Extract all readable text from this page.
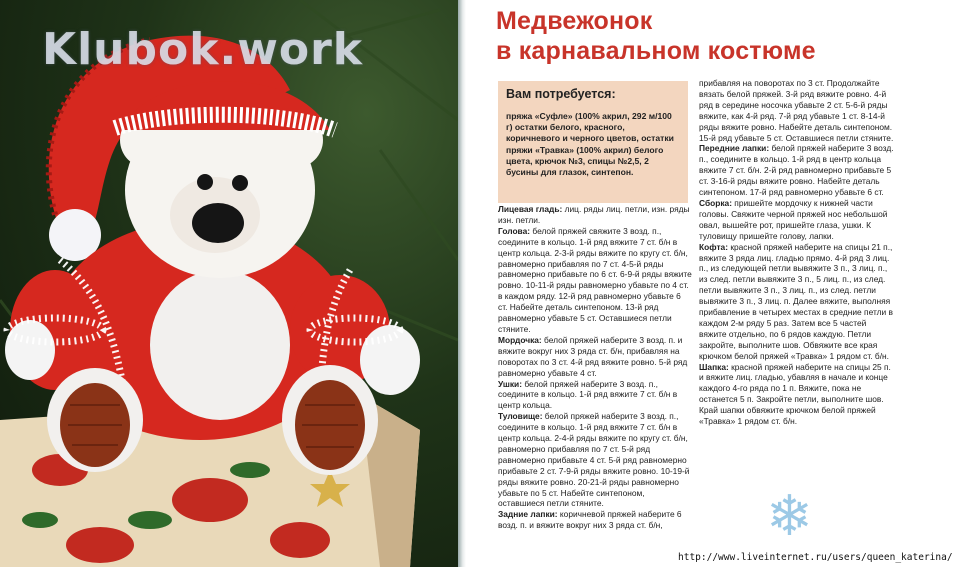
Klubok.work
Медвежонок
в карнавальном костюме
Вам потребуется:
пряжа «Суфле» (100% акрил, 292 м/100 г) остатки белого, красного, коричневого и черного цветов, остатки пряжи «Травка» (100% акрил) белого цвета, крючок №3, спицы №2,5, 2 бусины для глазок, синтепон.

Лицевая гладь: лиц. ряды лиц. петли, изн. ряды изн. петли.

Голова: белой пряжей свяжите 3 возд. п., соедините в кольцо. 1-й ряд вяжите 7 ст. б/н в центр кольца. 2-3-й ряды вяжите по кругу ст. б/н, равномерно прибавляя по 7 ст. 4-5-й ряды равномерно прибавьте по 6 ст. 6-9-й ряды вяжите ровно. 10-11-й ряды равномерно убавьте по 4 ст. в каждом ряду. 12-й ряд равномерно убавьте 6 ст. Набейте деталь синтепоном. 13-й ряд равномерно убавьте 5 ст. Оставшиеся петли стяните.

Мордочка: белой пряжей наберите 3 возд. п. и вяжите вокруг них 3 ряда ст. б/н, прибавляя на поворотах по 3 ст. 4-й ряд вяжите ровно. 5-й ряд равномерно убавьте 4 ст.

Ушки: белой пряжей наберите 3 возд. п., соедините в кольцо. 1-й ряд вяжите 7 ст. б/н в центр кольца.

Туловище: белой пряжей наберите 3 возд. п., соедините в кольцо. 1-й ряд вяжите 7 ст. б/н в центр кольца. 2-4-й ряды вяжите по кругу ст. б/н, равномерно прибавляя по 7 ст. 5-й ряд равномерно прибавьте 4 ст. 5-й ряд равномерно прибавьте 2 ст. 7-9-й ряды вяжите ровно. 10-19-й ряды вяжите ровно. 20-21-й ряды равномерно убавьте по 5 ст. Набейте синтепоном, оставшиеся петли стяните.

Задние лапки: коричневой пряжей наберите 6 возд. п. и вяжите вокруг них 3 ряда ст. б/н,

прибавляя на поворотах по 3 ст. Продолжайте вязать белой пряжей. 3-й ряд вяжите ровно. 4-й ряд в середине носочка убавьте 2 ст. 5-6-й ряды вяжите, как 4-й ряд. 7-й ряд убавьте 1 ст. 8-14-й ряды вяжите ровно. Набейте деталь синтепоном. 15-й ряд убавьте 5 ст. Оставшиеся петли стяните.

Передние лапки: белой пряжей наберите 3 возд. п., соедините в кольцо. 1-й ряд в центр кольца вяжите 7 ст. б/н. 2-й ряд равномерно прибавьте 5 ст. 3-16-й ряды вяжите ровно. Набейте деталь синтепоном. 17-й ряд равномерно убавьте 6 ст.

Сборка: пришейте мордочку к нижней части головы. Свяжите черной пряжей нос небольшой овал, вышейте рот, пришейте глаза, ушки. К туловищу пришейте голову, лапки.

Кофта: красной пряжей наберите на спицы 21 п., вяжите 3 ряда лиц. гладью прямо. 4-й ряд 3 лиц. п., из следующей петли вывяжите 3 п., 3 лиц. п., из след. петли вывяжите 3 п., 5 лиц. п., из след. петли вывяжите 3 п., 3 лиц. п., из след. петли вывяжите 3 п., 3 лиц. п. Далее вяжите, выполняя прибавление в четырех местах в средние петли в каждом 2-м ряду 5 раз. Затем все 5 частей вяжите отдельно, по 6 рядов каждую. Петли закройте, выполните шов. Обвяжите все края крючком белой пряжей «Травка» 1 рядом ст. б/н.

Шапка: красной пряжей наберите на спицы 25 п. и вяжите лиц. гладью, убавляя в начале и конце каждого 4-го ряда по 1 п. Вяжите, пока не останется 5 п. Закройте петли, выполните шов. Край шапки обвяжите крючком белой пряжей «Травка» 1 рядом ст. б/н.

❄
http://www.liveinternet.ru/users/queen_katerina/
